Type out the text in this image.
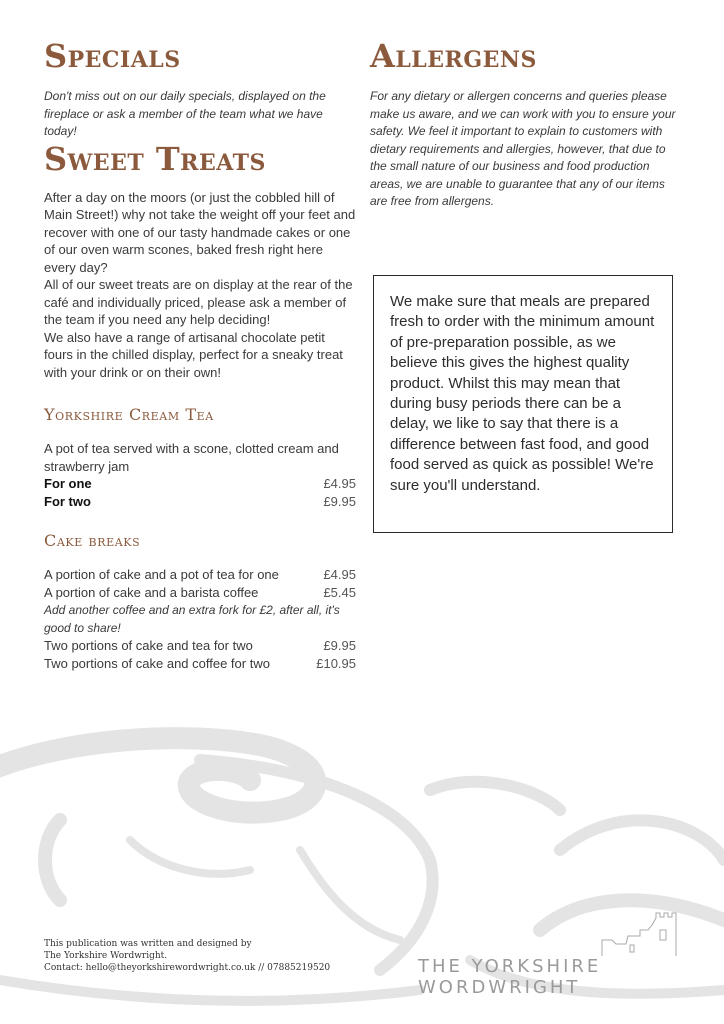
Specials

Don't miss out on our daily specials, displayed on the fireplace or ask a member of the team what we have today!

Sweet Treats

After a day on the moors (or just the cobbled hill of Main Street!) why not take the weight off your feet and recover with one of our tasty handmade cakes or one of our oven warm scones, baked fresh right here every day?

All of our sweet treats are on display at the rear of the café and individually priced, please ask a member of the team if you need any help deciding!

We also have a range of artisanal chocolate petit fours in the chilled display, perfect for a sneaky treat with your drink or on their own!

Yorkshire Cream Tea

A pot of tea served with a scone, clotted cream and strawberry jam

For one	£4.95
For two	£9.95
Cake breaks
A portion of cake and a pot of tea for one	£4.95
A portion of cake and a barista coffee	£5.45
Add another coffee and an extra fork for £2, after all, it's good to share!
Two portions of cake and tea for two	£9.95
Two portions of cake and coffee for two	£10.95
Allergens

For any dietary or allergen concerns and queries please make us aware, and we can work with you to ensure your safety. We feel it important to explain to customers with dietary requirements and allergies, however, that due to the small nature of our business and food production areas, we are unable to guarantee that any of our items are free from allergens.

We make sure that meals are prepared fresh to order with the minimum amount of pre-preparation possible, as we believe this gives the highest quality product. Whilst this may mean that during busy periods there can be a delay, we like to say that there is a difference between fast food, and good food served as quick as possible! We're sure you'll understand.
This publication was written and designed by
The Yorkshire Wordwright.
Contact: hello@theyorkshirewordwright.co.uk // 07885219520	THE YORKSHIRE WORDWRIGHT
